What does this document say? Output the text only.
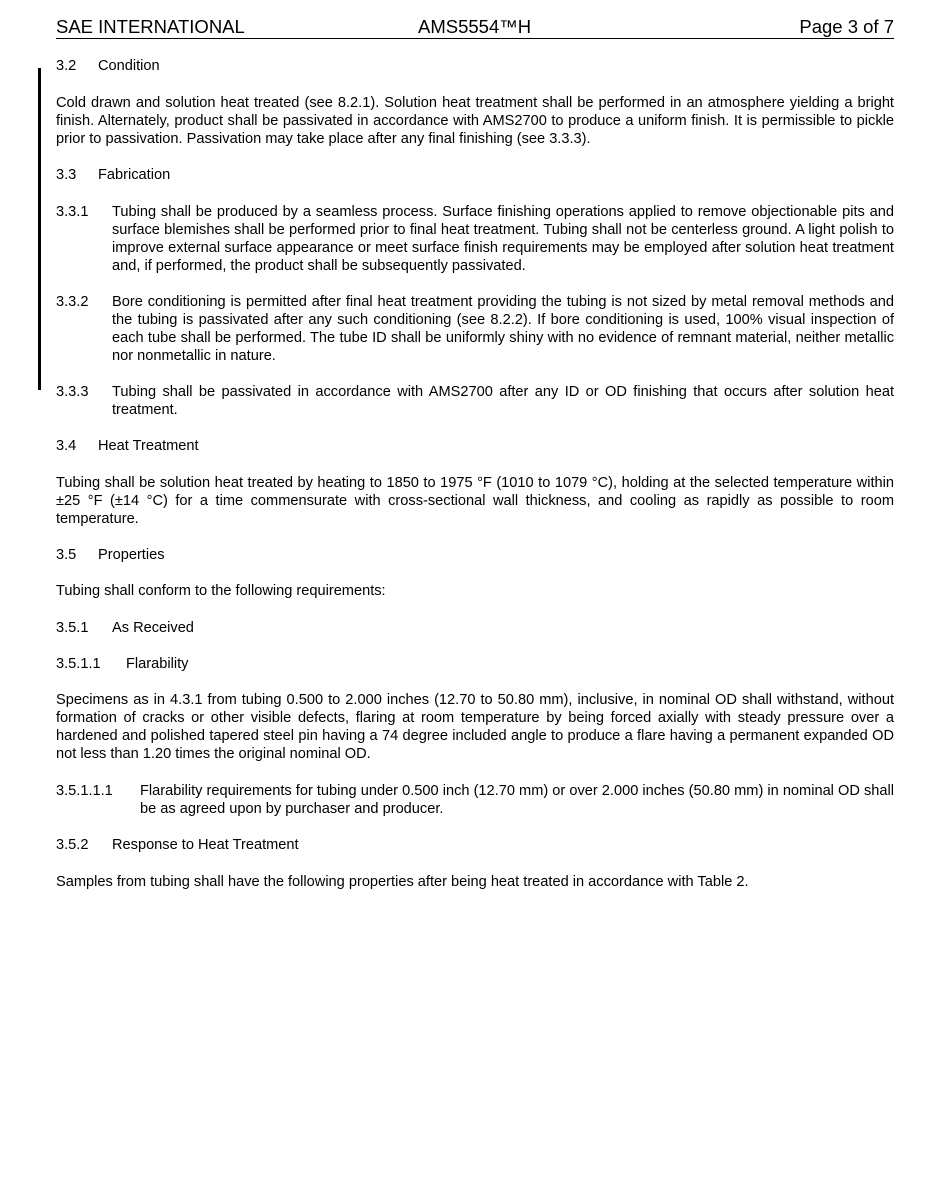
SAE INTERNATIONAL	AMS5554™H	Page 3 of 7
3.2 Condition
Cold drawn and solution heat treated (see 8.2.1). Solution heat treatment shall be performed in an atmosphere yielding a bright finish. Alternately, product shall be passivated in accordance with AMS2700 to produce a uniform finish. It is permissible to pickle prior to passivation. Passivation may take place after any final finishing (see 3.3.3).
3.3 Fabrication
3.3.1 Tubing shall be produced by a seamless process. Surface finishing operations applied to remove objectionable pits and surface blemishes shall be performed prior to final heat treatment. Tubing shall not be centerless ground. A light polish to improve external surface appearance or meet surface finish requirements may be employed after solution heat treatment and, if performed, the product shall be subsequently passivated.
3.3.2 Bore conditioning is permitted after final heat treatment providing the tubing is not sized by metal removal methods and the tubing is passivated after any such conditioning (see 8.2.2). If bore conditioning is used, 100% visual inspection of each tube shall be performed. The tube ID shall be uniformly shiny with no evidence of remnant material, neither metallic nor nonmetallic in nature.
3.3.3 Tubing shall be passivated in accordance with AMS2700 after any ID or OD finishing that occurs after solution heat treatment.
3.4 Heat Treatment
Tubing shall be solution heat treated by heating to 1850 to 1975 °F (1010 to 1079 °C), holding at the selected temperature within ±25 °F (±14 °C) for a time commensurate with cross-sectional wall thickness, and cooling as rapidly as possible to room temperature.
3.5 Properties
Tubing shall conform to the following requirements:
3.5.1 As Received
3.5.1.1 Flarability
Specimens as in 4.3.1 from tubing 0.500 to 2.000 inches (12.70 to 50.80 mm), inclusive, in nominal OD shall withstand, without formation of cracks or other visible defects, flaring at room temperature by being forced axially with steady pressure over a hardened and polished tapered steel pin having a 74 degree included angle to produce a flare having a permanent expanded OD not less than 1.20 times the original nominal OD.
3.5.1.1.1 Flarability requirements for tubing under 0.500 inch (12.70 mm) or over 2.000 inches (50.80 mm) in nominal OD shall be as agreed upon by purchaser and producer.
3.5.2 Response to Heat Treatment
Samples from tubing shall have the following properties after being heat treated in accordance with Table 2.
